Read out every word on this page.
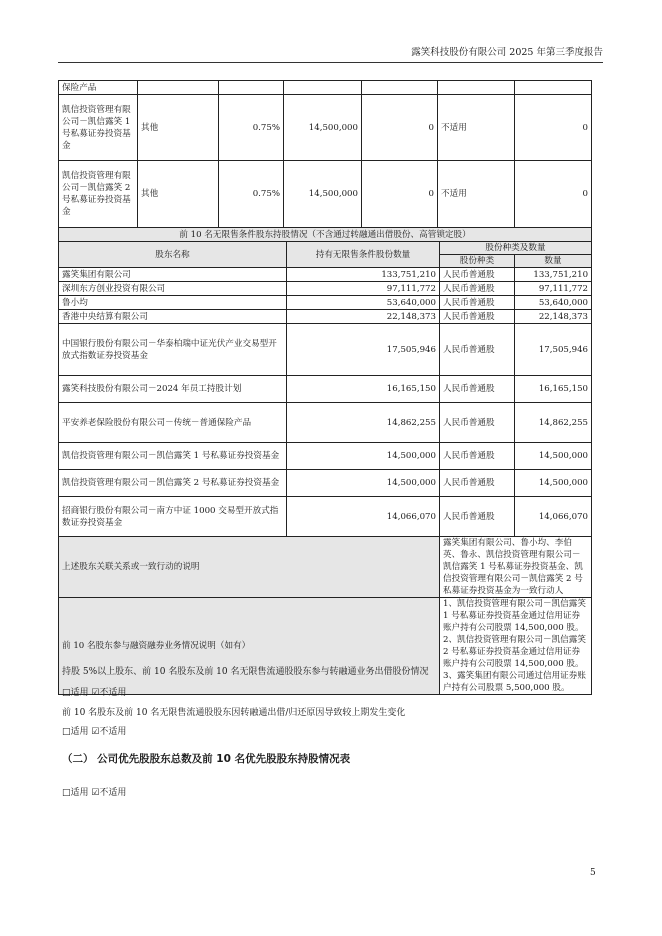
露笑科技股份有限公司 2025 年第三季度报告
保险产品						
凯信投资管理有限公司－凯信露笑 1 号私募证券投资基金	其他	0.75%	14,500,000	0	不适用	0
凯信投资管理有限公司－凯信露笑 2 号私募证券投资基金	其他	0.75%	14,500,000	0	不适用	0
前 10 名无限售条件股东持股情况（不含通过转融通出借股份、高管锁定股）			
股东名称	持有无限售条件股份数量	股份种类及数量	
		股份种类	数量
露笑集团有限公司	133,751,210	人民币普通股	133,751,210
深圳东方创业投资有限公司	97,111,772	人民币普通股	97,111,772
鲁小均	53,640,000	人民币普通股	53,640,000
香港中央结算有限公司	22,148,373	人民币普通股	22,148,373
中国银行股份有限公司－华泰柏瑞中证光伏产业交易型开放式指数证券投资基金	17,505,946	人民币普通股	17,505,946
露笑科技股份有限公司－2024 年员工持股计划	16,165,150	人民币普通股	16,165,150
平安养老保险股份有限公司－传统－普通保险产品	14,862,255	人民币普通股	14,862,255
凯信投资管理有限公司－凯信露笑 1 号私募证券投资基金	14,500,000	人民币普通股	14,500,000
凯信投资管理有限公司－凯信露笑 2 号私募证券投资基金	14,500,000	人民币普通股	14,500,000
招商银行股份有限公司－南方中证 1000 交易型开放式指数证券投资基金	14,066,070	人民币普通股	14,066,070
上述股东关联关系或一致行动的说明		露笑集团有限公司、鲁小均、李伯英、鲁永、凯信投资管理有限公司－凯信露笑 1 号私募证券投资基金、凯信投资管理有限公司－凯信露笑 2 号私募证券投资基金为一致行动人	
前 10 名股东参与融资融券业务情况说明（如有）		1、凯信投资管理有限公司－凯信露笑 1 号私募证券投资基金通过信用证券账户持有公司股票 14,500,000 股。
2、凯信投资管理有限公司－凯信露笑 2 号私募证券投资基金通过信用证券账户持有公司股票 14,500,000 股。
3、露笑集团有限公司通过信用证券账户持有公司股票 5,500,000 股。	
持股 5%以上股东、前 10 名股东及前 10 名无限售流通股股东参与转融通业务出借股份情况
□适用 ☑不适用
前 10 名股东及前 10 名无限售流通股股东因转融通出借/归还原因导致较上期发生变化
□适用 ☑不适用
（二） 公司优先股股东总数及前 10 名优先股股东持股情况表
□适用 ☑不适用
5
